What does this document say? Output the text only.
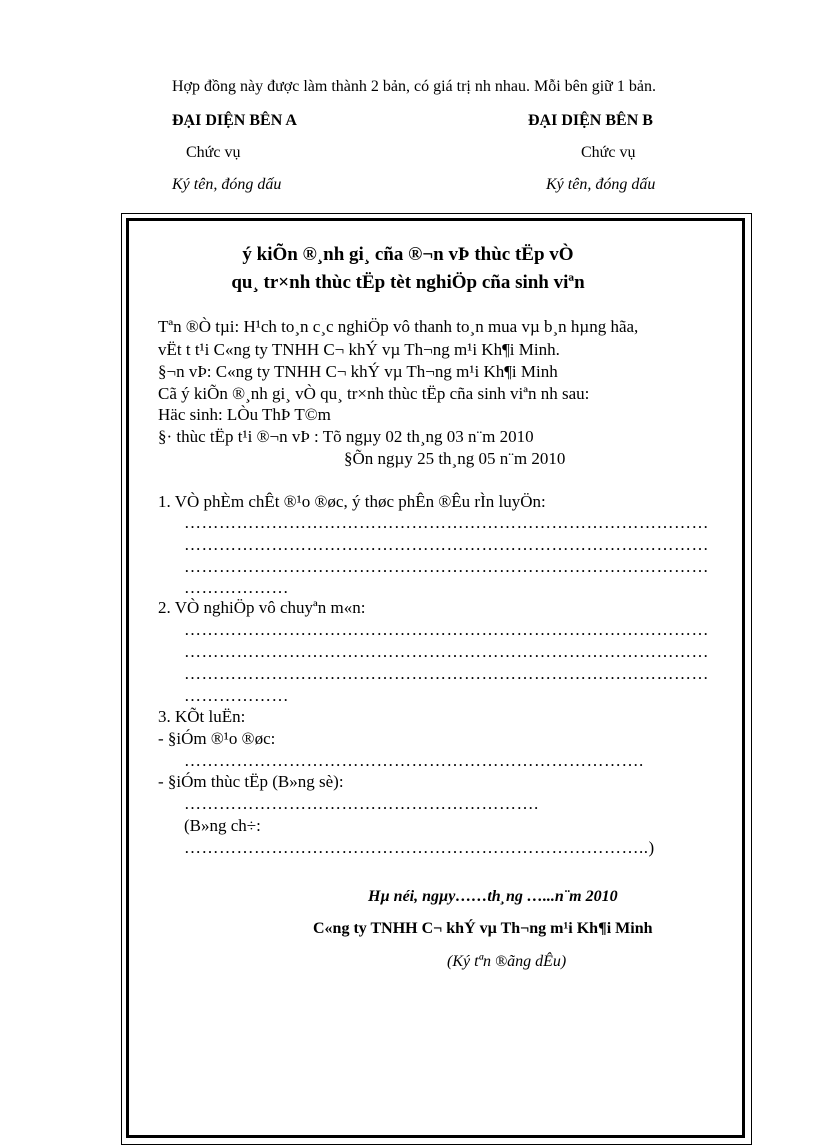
Hợp đồng này được làm thành 2 bản, có giá trị nh nhau. Mỗi bên giữ 1 bản.
ĐẠI DIỆN BÊN A	ĐẠI DIỆN BÊN B
Chức vụ	Chức vụ
Ký tên, đóng dấu	Ký tên, đóng dấu
ý kiÕn ®¸nh gi¸ cña ®¬n vÞ thùc tËp vÒ
qu¸ tr×nh thùc tËp tèt nghiÖp cña sinh viªn
Tªn ®Ò tµi: H¹ch to¸n c¸c nghiÖp vô thanh to¸n mua vµ b¸n hµng hãa,
vËt t t¹i C«ng ty TNHH C¬ khÝ vµ Th¬ng m¹i Kh¶i Minh.
§¬n vÞ: C«ng ty TNHH C¬ khÝ vµ Th¬ng m¹i Kh¶i Minh
Cã ý kiÕn ®¸nh gi¸ vÒ qu¸ tr×nh thùc tËp cña sinh viªn nh sau:
Häc sinh: LÒu ThÞ T©m
§· thùc tËp t¹i ®¬n vÞ : Tõ ngµy 02 th¸ng 03 n¨m 2010
§Õn ngµy 25 th¸ng 05 n¨m 2010
1. VÒ phÈm chÊt ®¹o ®øc, ý thøc phÊn ®Êu rÌn luyÖn:
………………………………………………………………………………
………………………………………………………………………………
………………………………………………………………………………
………………
2. VÒ nghiÖp vô chuyªn m«n:
………………………………………………………………………………
………………………………………………………………………………
………………………………………………………………………………
………………
3. KÕt luËn:
- §iÓm ®¹o ®øc:
…………………………………………………………………….
- §iÓm thùc tËp (B»ng sè):
…………………………………………………….
(B»ng ch÷:
……………………………………………………………………..)
Hµ néi, ngµy……th¸ng …...n¨m 2010
C«ng ty TNHH C¬ khÝ vµ Th¬ng m¹i Kh¶i Minh
(Ký tªn ®ãng dÊu)
